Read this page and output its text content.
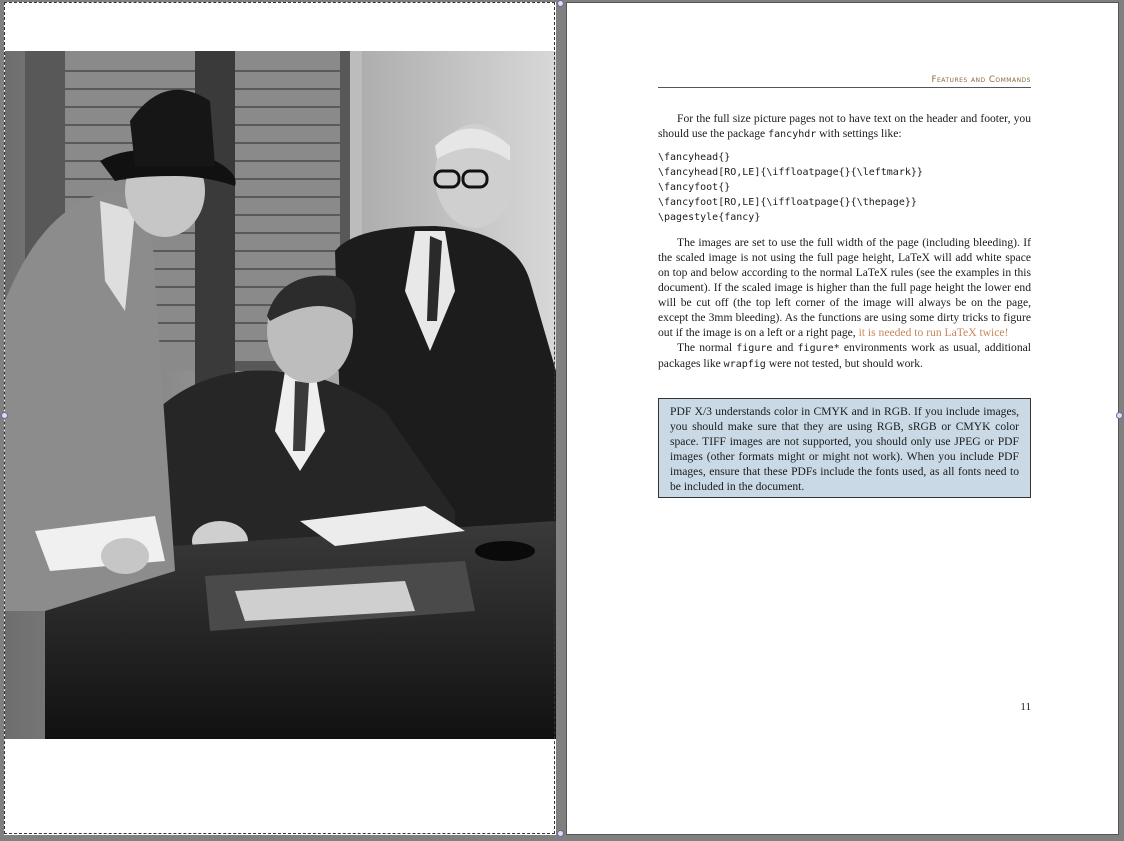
Features and Commands

For the full size picture pages not to have text on the header and footer, you should use the package fancyhdr with settings like:

\fancyhead{}
\fancyhead[RO,LE]{\iffloatpage{}{\leftmark}}
\fancyfoot{}
\fancyfoot[RO,LE]{\iffloatpage{}{\thepage}}
\pagestyle{fancy}

The images are set to use the full width of the page (including bleeding). If the scaled image is not using the full page height, LaTeX will add white space on top and below according to the normal LaTeX rules (see the examples in this document). If the scaled image is higher than the full page height the lower end will be cut off (the top left corner of the image will always be on the page, except the 3mm bleeding). As the functions are using some dirty tricks to figure out if the image is on a left or a right page, it is needed to run LaTeX twice!

The normal figure and figure* environments work as usual, additional packages like wrapfig were not tested, but should work.

PDF X/3 understands color in CMYK and in RGB. If you include images, you should make sure that they are using RGB, sRGB or CMYK color space. TIFF images are not supported, you should only use JPEG or PDF images (other formats might or might not work). When you include PDF images, ensure that these PDFs include the fonts used, as all fonts need to be included in the document.
11
